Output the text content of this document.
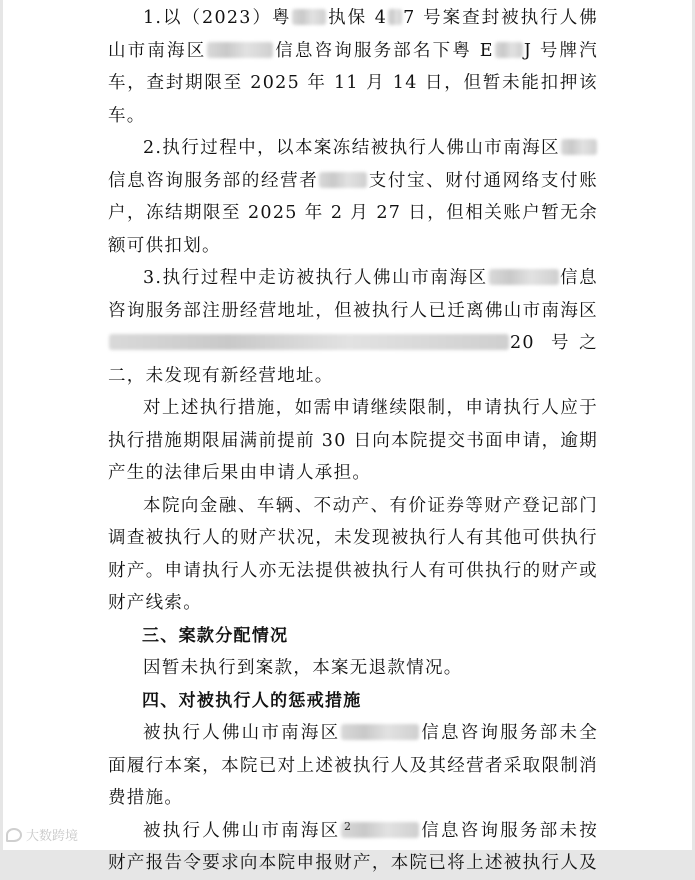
1.以（2023）粤 执保 4 7 号案查封被执行人佛山市南海区	信息咨询服务部名下粤 E J 号牌汽车，查封期限至 2025 年 11 月 14 日，但暂未能扣押该车。

2.执行过程中，以本案冻结被执行人佛山市南海区信息咨询服务部的经营者	支付宝、财付通网络支付账户，冻结期限至 2025 年 2 月 27 日，但相关账户暂无余额可供扣划。

3.执行过程中走访被执行人佛山市南海区	信息咨询服务部注册经营地址，但被执行人已迁离佛山市南海区20 号之二，未发现有新经营地址。

对上述执行措施，如需申请继续限制，申请执行人应于执行措施期限届满前提前 30 日向本院提交书面申请，逾期产生的法律后果由申请人承担。

本院向金融、车辆、不动产、有价证券等财产登记部门调查被执行人的财产状况，未发现被执行人有其他可供执行财产。申请执行人亦无法提供被执行人有可供执行的财产或财产线索。

三、案款分配情况

因暂未执行到案款，本案无退款情况。

四、对被执行人的惩戒措施

被执行人佛山市南海区	信息咨询服务部未全面履行本案，本院已对上述被执行人及其经营者采取限制消费措施。

被执行人佛山市南海区	信息咨询服务部未按财产报告令要求向本院申报财产，本院已将上述被执行人及

2
大数跨境
